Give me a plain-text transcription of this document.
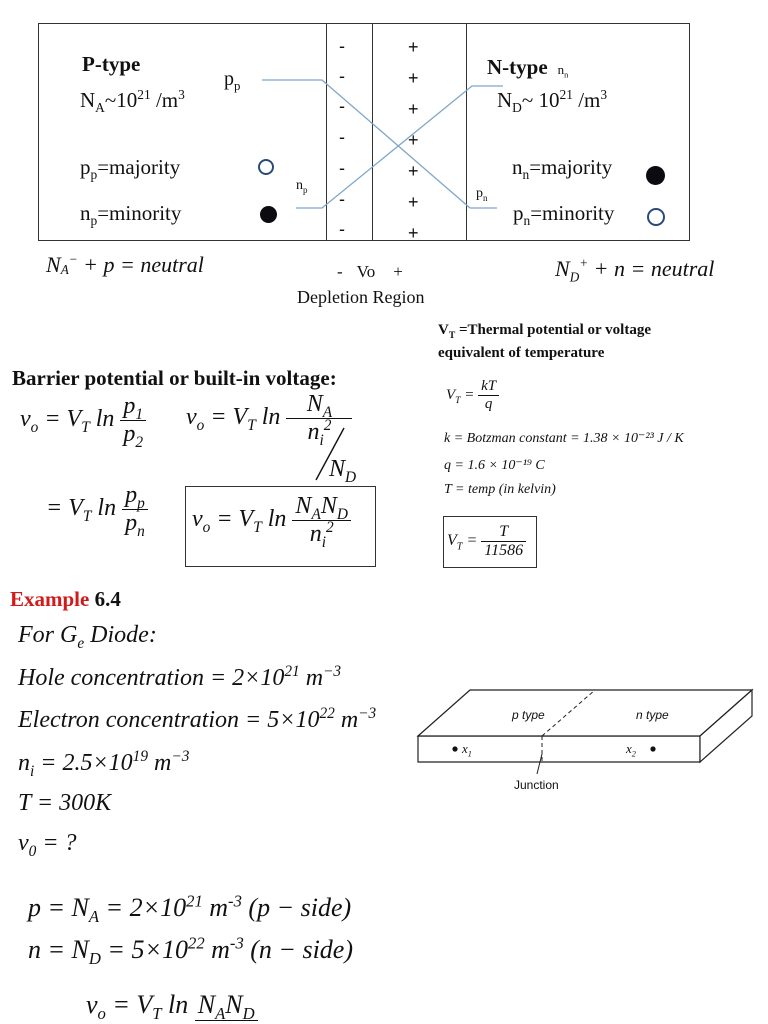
-
-
-
-
-
-
-
+
+
+
+
+
+
+
P-type
$N_A\sim 10^{21}$ $/m^3$
$p_p$
$p_p=majority$
$n_p=minority$
$n_p$
N-type $n_n$
$N_D\sim$ $10^{21}$ $/m^3$
$n_n=majority$
$p_n=minority$
$p_n$
$N_A^- + p$ = neutral	$N_D^+ + n$ = neutral
- Vo +
Depletion Region
$V_T$ =Thermal potential or voltage
equivalent of temperature
$V_T = \frac{kT}{q}$
k = Botzman constant = 1.38 × 10⁻²³ J / K
q = 1.6 × 10⁻¹⁹ C
T = temp (in kelvin)
$V_T = \frac{T}{11586}$
Barrier potential or built-in voltage:
$v_o = V_T$ $\ln \frac{p_1}{p_2} v_o = V_T$ $\ln \frac{N_A}{n_i^2}$
$N_D$
= $V_T$ $\ln \frac{p_p}{p_n} v_o = V_T$ $\ln \frac{N_AN_D}{n_i^2}$
Example 6.4
For $G_e$ Diode:
Hole concentration = $2\times 10^{21}$ $m^{-3}$
Electron concentration = $5\times 10^{22}$ $m^{-3}$
$n_i = 2.5\times 10^{19}$ $m^{-3}$
T = 300K
$v_0$ = ?
$p = N_A = 2\times 10^{21}$ $m^{-3}$ (p − side)
$n = N_D = 5\times 10^{22}$ $m^{-3}$ (n − side)
$v_o = V_T$ $\ln N_AN_D$

p type	n type
$x_1$	$x_2$
Junction
